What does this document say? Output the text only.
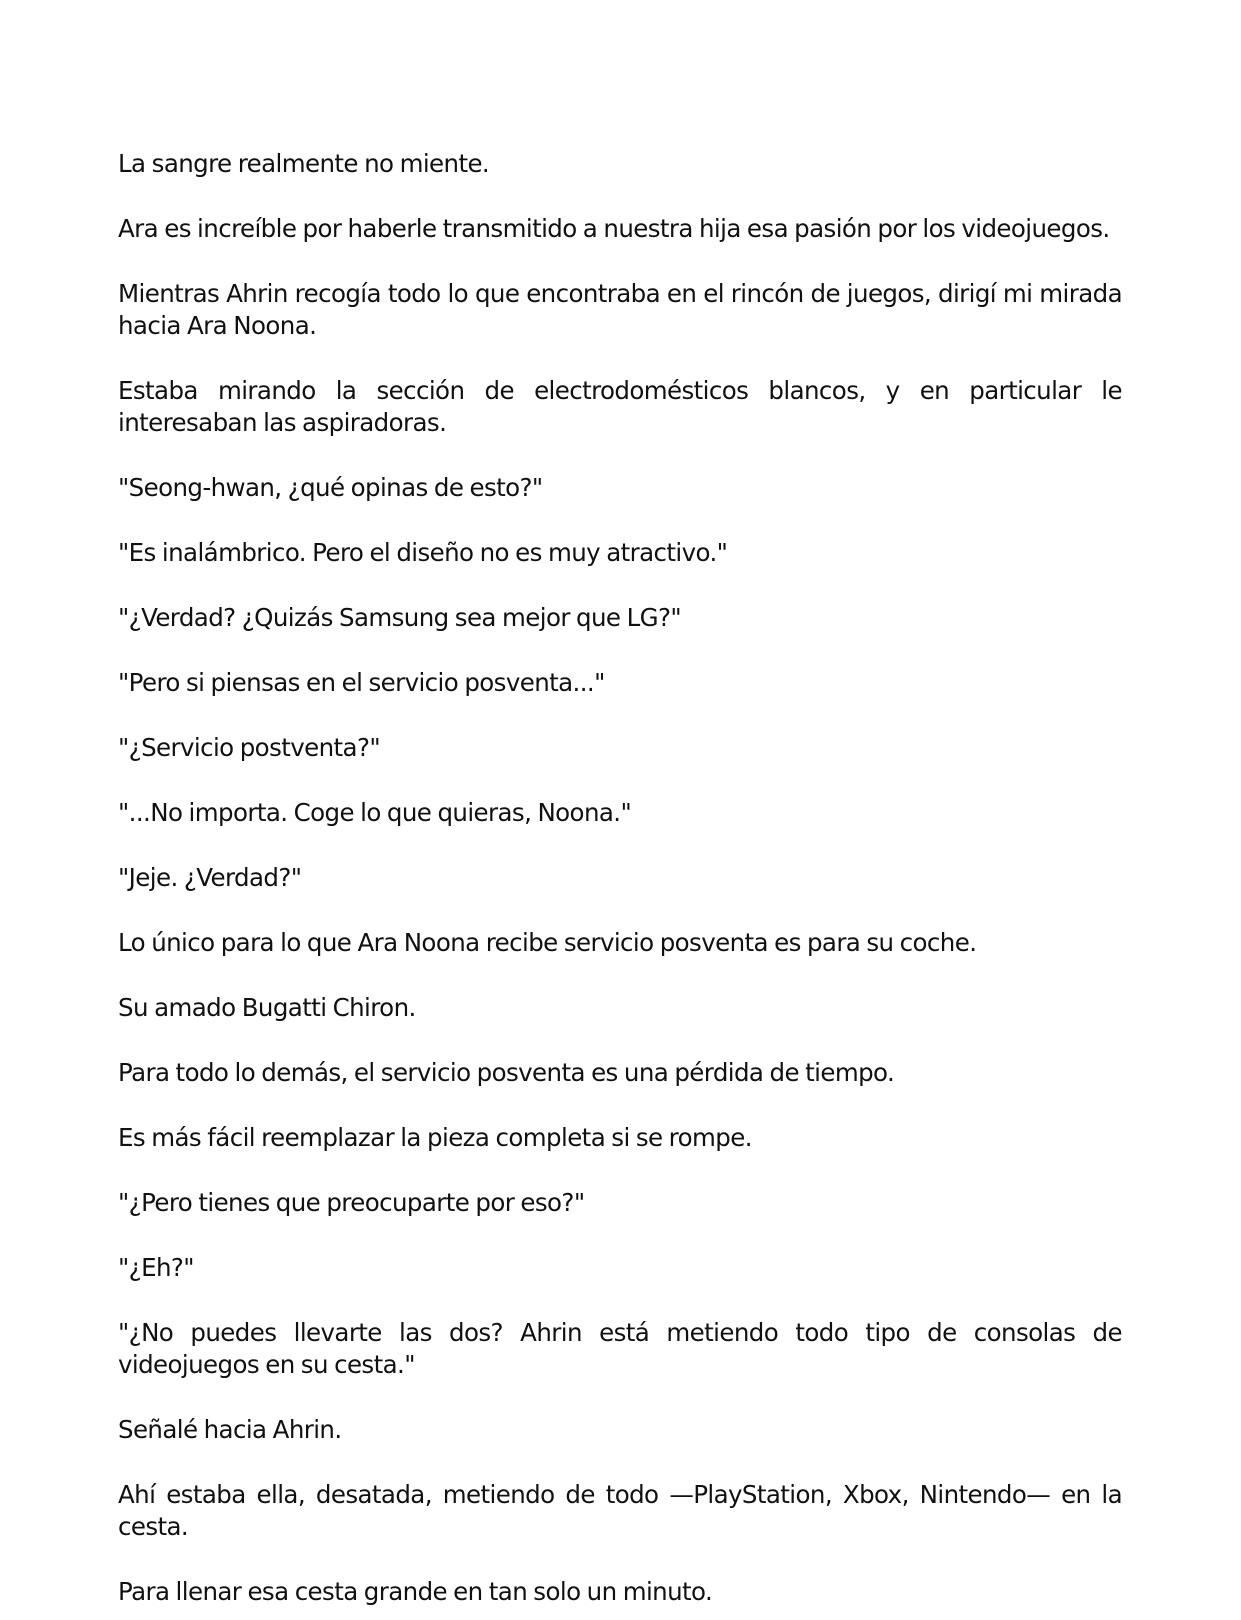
La sangre realmente no miente.

Ara es increíble por haberle transmitido a nuestra hija esa pasión por los videojuegos.

Mientras Ahrin recogía todo lo que encontraba en el rincón de juegos, dirigí mi mirada hacia Ara Noona.

Estaba mirando la sección de electrodomésticos blancos, y en particular le interesaban las aspiradoras.

"Seong-hwan, ¿qué opinas de esto?"

"Es inalámbrico. Pero el diseño no es muy atractivo."

"¿Verdad? ¿Quizás Samsung sea mejor que LG?"

"Pero si piensas en el servicio posventa..."

"¿Servicio postventa?"

"...No importa. Coge lo que quieras, Noona."

"Jeje. ¿Verdad?"

Lo único para lo que Ara Noona recibe servicio posventa es para su coche.

Su amado Bugatti Chiron.

Para todo lo demás, el servicio posventa es una pérdida de tiempo.

Es más fácil reemplazar la pieza completa si se rompe.

"¿Pero tienes que preocuparte por eso?"

"¿Eh?"

"¿No puedes llevarte las dos? Ahrin está metiendo todo tipo de consolas de videojuegos en su cesta."

Señalé hacia Ahrin.

Ahí estaba ella, desatada, metiendo de todo —PlayStation, Xbox, Nintendo— en la cesta.

Para llenar esa cesta grande en tan solo un minuto.
